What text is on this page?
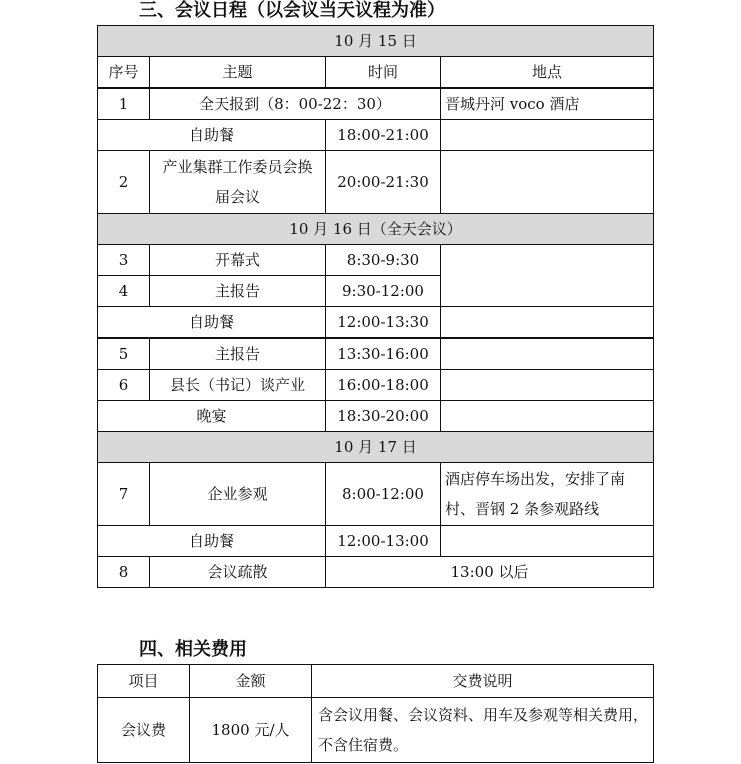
三、会议日程（以会议当天议程为准）
10 月 15 日			
序号	主题	时间	地点
1	全天报到（8：00-22：30）		晋城丹河 voco 酒店
自助餐		18:00-21:00	
2	产业集群工作委员会换届会议	20:00-21:30	
10 月 16 日（全天会议）			
3	开幕式	8:30-9:30	
4	主报告	9:30-12:00	
自助餐		12:00-13:30	
5	主报告	13:30-16:00	
6	县长（书记）谈产业	16:00-18:00	
晚宴		18:30-20:00	
10 月 17 日			
7	企业参观	8:00-12:00	酒店停车场出发，安排了南村、晋钢 2 条参观路线
自助餐		12:00-13:00	
8	会议疏散	13:00 以后	
四、相关费用
项目	金额	交费说明
会议费	1800 元/人	含会议用餐、会议资料、用车及参观等相关费用，不含住宿费。
